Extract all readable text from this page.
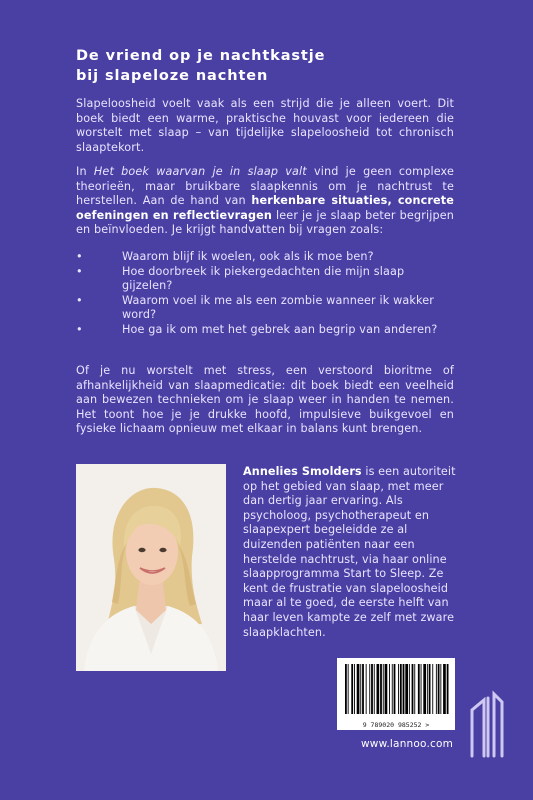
De vriend op je nachtkastje
bij slapeloze nachten

Slapeloosheid voelt vaak als een strijd die je alleen voert. Dit boek biedt een warme, praktische houvast voor iedereen die worstelt met slaap – van tijdelijke slapeloosheid tot chronisch slaaptekort.

In Het boek waarvan je in slaap valt vind je geen complexe theorieën, maar bruikbare slaapkennis om je nachtrust te herstellen. Aan de hand van herkenbare situaties, concrete oefeningen en reflectievragen leer je je slaap beter begrijpen en beïnvloeden. Je krijgt handvatten bij vragen zoals:

•	Waarom blijf ik woelen, ook als ik moe ben?
•	Hoe doorbreek ik piekergedachten die mijn slaap gijzelen?
•	Waarom voel ik me als een zombie wanneer ik wakker word?
•	Hoe ga ik om met het gebrek aan begrip van anderen?

Of je nu worstelt met stress, een verstoord bioritme of afhankelijkheid van slaapmedicatie: dit boek biedt een veelheid aan bewezen technieken om je slaap weer in handen te nemen. Het toont hoe je je drukke hoofd, impulsieve buikgevoel en fysieke lichaam opnieuw met elkaar in balans kunt brengen.

Annelies Smolders is een autoriteit op het gebied van slaap, met meer dan dertig jaar ervaring. Als psycholoog, psychotherapeut en slaapexpert begeleidde ze al duizenden patiënten naar een herstelde nachtrust, via haar online slaapprogramma Start to Sleep. Ze kent de frustratie van slapeloosheid maar al te goed, de eerste helft van haar leven kampte ze zelf met zware slaapklachten.

9 789020 985252 >
www.lannoo.com
